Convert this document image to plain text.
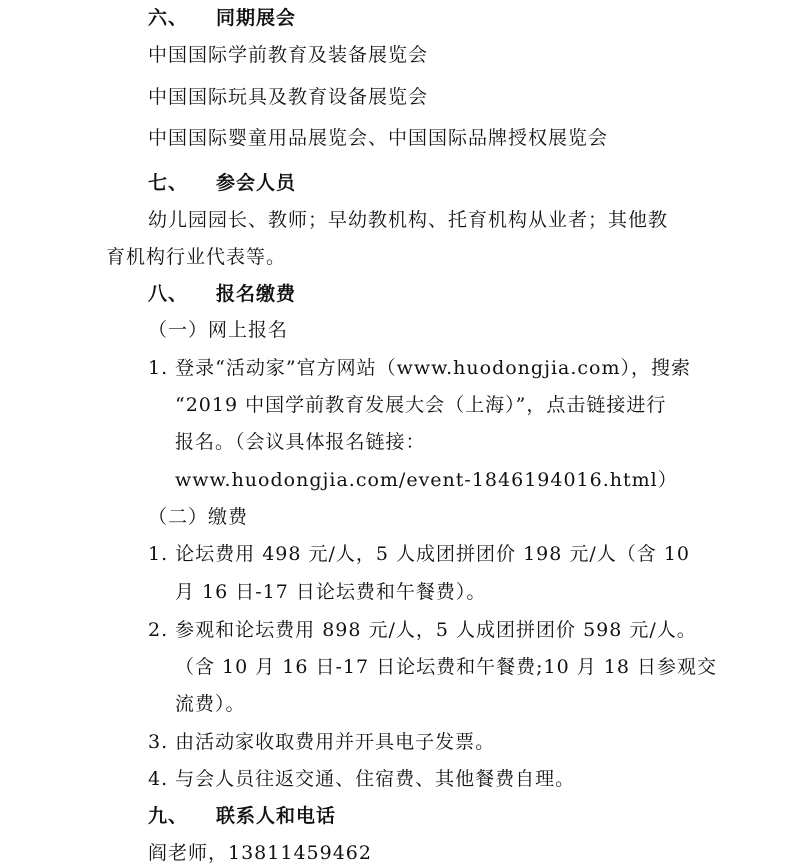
六、 同期展会
中国国际学前教育及装备展览会
中国国际玩具及教育设备展览会
中国国际婴童用品展览会、中国国际品牌授权展览会
七、 参会人员
幼儿园园长、教师；早幼教机构、托育机构从业者；其他教
育机构行业代表等。
八、 报名缴费
（一）网上报名
1. 登录“活动家”官方网站（www.huodongjia.com），搜索
“2019 中国学前教育发展大会（上海）”，点击链接进行
报名。（会议具体报名链接：
www.huodongjia.com/event-1846194016.html）
（二）缴费
1. 论坛费用 498 元/人，5 人成团拼团价 198 元/人（含 10
月 16 日-17 日论坛费和午餐费）。
2. 参观和论坛费用 898 元/人，5 人成团拼团价 598 元/人。
（含 10 月 16 日-17 日论坛费和午餐费;10 月 18 日参观交
流费）。
3. 由活动家收取费用并开具电子发票。
4. 与会人员往返交通、住宿费、其他餐费自理。
九、 联系人和电话
阎老师，13811459462
